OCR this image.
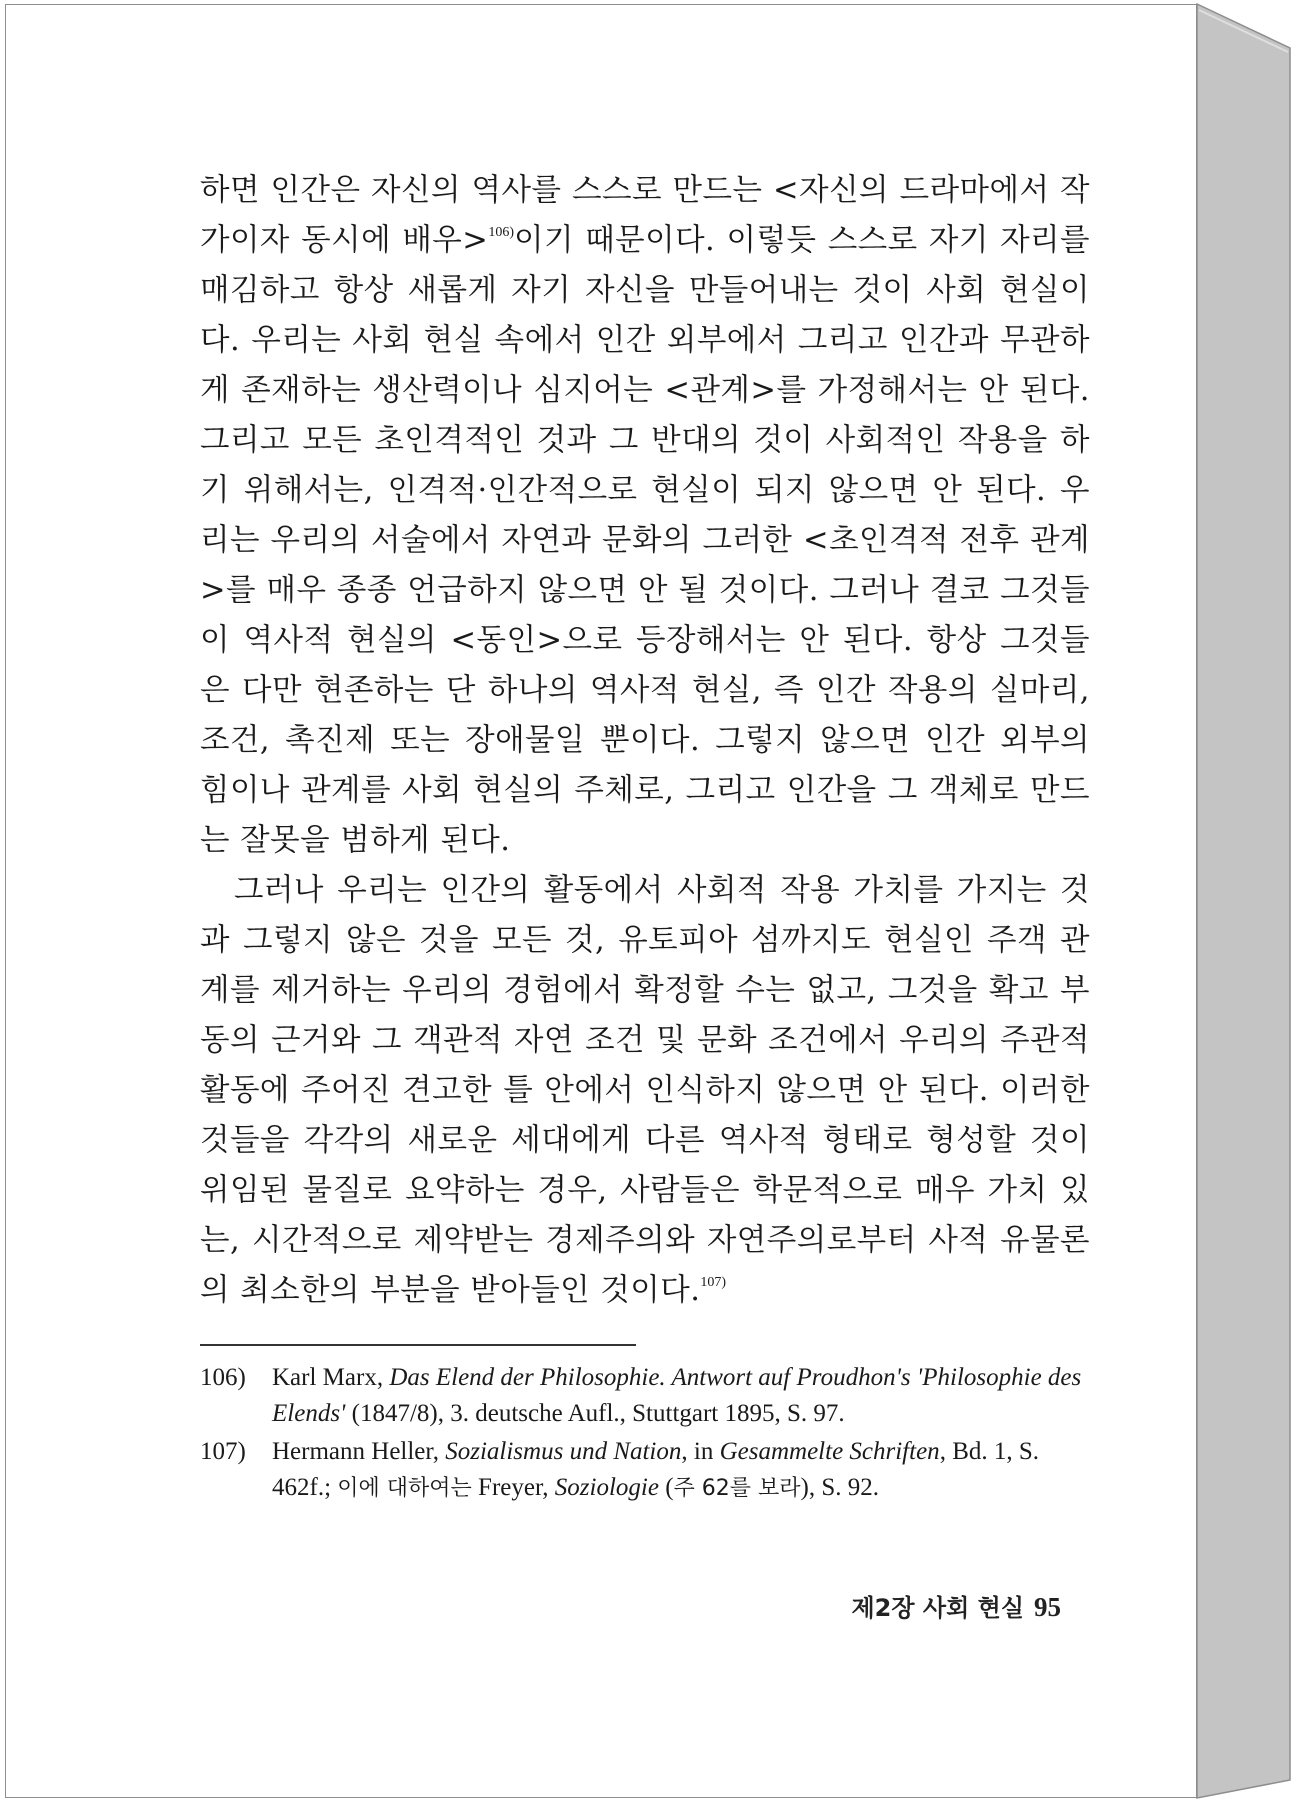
하면 인간은 자신의 역사를 스스로 만드는 <자신의 드라마에서 작가이자 동시에 배우>$^{106)}$이기 때문이다. 이렇듯 스스로 자기 자리를 매김하고 항상 새롭게 자기 자신을 만들어내는 것이 사회 현실이다. 우리는 사회 현실 속에서 인간 외부에서 그리고 인간과 무관하게 존재하는 생산력이나 심지어는 <관계>를 가정해서는 안 된다. 그리고 모든 초인격적인 것과 그 반대의 것이 사회적인 작용을 하기 위해서는, 인격적·인간적으로 현실이 되지 않으면 안 된다. 우리는 우리의 서술에서 자연과 문화의 그러한 <초인격적 전후 관계>를 매우 종종 언급하지 않으면 안 될 것이다. 그러나 결코 그것들이 역사적 현실의 <동인>으로 등장해서는 안 된다. 항상 그것들은 다만 현존하는 단 하나의 역사적 현실, 즉 인간 작용의 실마리, 조건, 촉진제 또는 장애물일 뿐이다. 그렇지 않으면 인간 외부의 힘이나 관계를 사회 현실의 주체로, 그리고 인간을 그 객체로 만드는 잘못을 범하게 된다.

그러나 우리는 인간의 활동에서 사회적 작용 가치를 가지는 것과 그렇지 않은 것을 모든 것, 유토피아 섬까지도 현실인 주객 관계를 제거하는 우리의 경험에서 확정할 수는 없고, 그것을 확고 부동의 근거와 그 객관적 자연 조건 및 문화 조건에서 우리의 주관적 활동에 주어진 견고한 틀 안에서 인식하지 않으면 안 된다. 이러한 것들을 각각의 새로운 세대에게 다른 역사적 형태로 형성할 것이 위임된 물질로 요약하는 경우, 사람들은 학문적으로 매우 가치 있는, 시간적으로 제약받는 경제주의와 자연주의로부터 사적 유물론의 최소한의 부분을 받아들인 것이다.$^{107)}$

106)	Karl Marx, Das Elend der Philosophie. Antwort auf Proudhon's 'Philosophie des Elends' (1847/8), 3. deutsche Aufl., Stuttgart 1895, S. 97.
107)	Hermann Heller, Sozialismus und Nation, in Gesammelte Schriften, Bd. 1, S. 462f.; 이에 대하여는 Freyer, Soziologie (주 62를 보라), S. 92.
제2장 사회 현실 95
